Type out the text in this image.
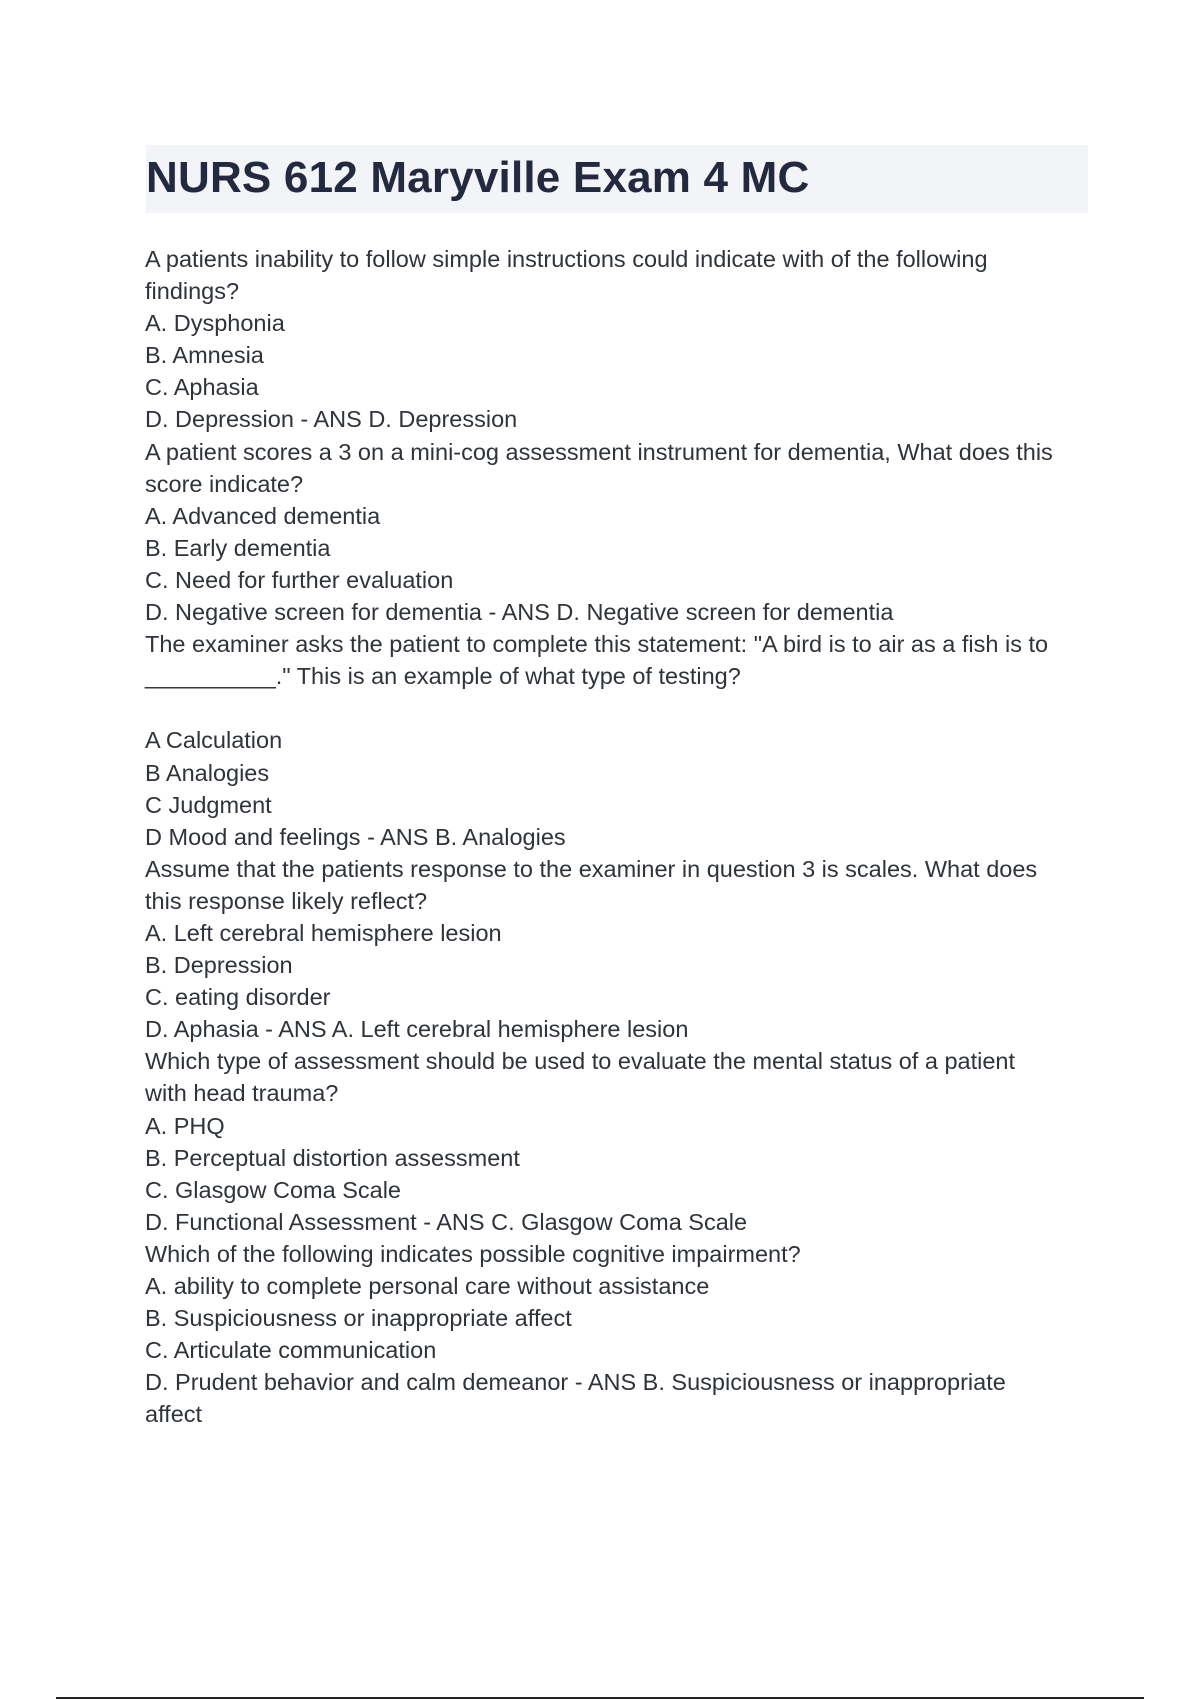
NURS 612 Maryville Exam 4 MC
A patients inability to follow simple instructions could indicate with of the following
findings?
A. Dysphonia
B. Amnesia
C. Aphasia
D. Depression - ANS D. Depression
A patient scores a 3 on a mini-cog assessment instrument for dementia, What does this
score indicate?
A. Advanced dementia
B. Early dementia
C. Need for further evaluation
D. Negative screen for dementia - ANS D. Negative screen for dementia
The examiner asks the patient to complete this statement: "A bird is to air as a fish is to
__________." This is an example of what type of testing?
A Calculation
B Analogies
C Judgment
D Mood and feelings - ANS B. Analogies
Assume that the patients response to the examiner in question 3 is scales. What does
this response likely reflect?
A. Left cerebral hemisphere lesion
B. Depression
C. eating disorder
D. Aphasia - ANS A. Left cerebral hemisphere lesion
Which type of assessment should be used to evaluate the mental status of a patient
with head trauma?
A. PHQ
B. Perceptual distortion assessment
C. Glasgow Coma Scale
D. Functional Assessment - ANS C. Glasgow Coma Scale
Which of the following indicates possible cognitive impairment?
A. ability to complete personal care without assistance
B. Suspiciousness or inappropriate affect
C. Articulate communication
D. Prudent behavior and calm demeanor - ANS B. Suspiciousness or inappropriate
affect
